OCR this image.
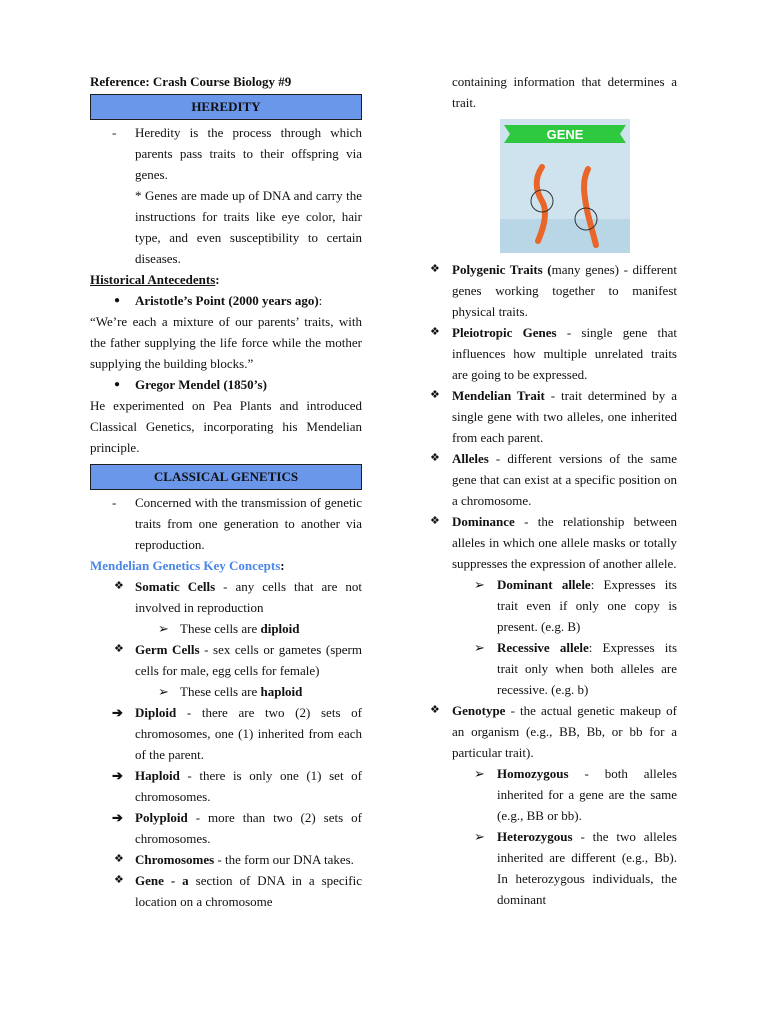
Reference: Crash Course Biology #9

HEREDITY
- Heredity is the process through which parents pass traits to their offspring via genes.

* Genes are made up of DNA and carry the instructions for traits like eye color, hair type, and even susceptibility to certain diseases.

Historical Antecedents:

● Aristotle’s Point (2000 years ago):

“We’re each a mixture of our parents’ traits, with the father supplying the life force while the mother supplying the building blocks.”

● Gregor Mendel (1850’s)

He experimented on Pea Plants and introduced Classical Genetics, incorporating his Mendelian principle.

CLASSICAL GENETICS
- Concerned with the transmission of genetic traits from one generation to another via reproduction.

Mendelian Genetics Key Concepts:

❖ Somatic Cells - any cells that are not involved in reproduction

➢ These cells are diploid

❖ Germ Cells - sex cells or gametes (sperm cells for male, egg cells for female)

➢ These cells are haploid

➔ Diploid - there are two (2) sets of chromosomes, one (1) inherited from each of the parent.

➔ Haploid - there is only one (1) set of chromosomes.

➔ Polyploid - more than two (2) sets of chromosomes.

❖ Chromosomes - the form our DNA takes.

❖ Gene - a section of DNA in a specific location on a chromosome

containing information that determines a trait.

GENE
❖ Polygenic Traits (many genes) - different genes working together to manifest physical traits.

❖ Pleiotropic Genes - single gene that influences how multiple unrelated traits are going to be expressed.

❖ Mendelian Trait - trait determined by a single gene with two alleles, one inherited from each parent.

❖ Alleles - different versions of the same gene that can exist at a specific position on a chromosome.

❖ Dominance - the relationship between alleles in which one allele masks or totally suppresses the expression of another allele.

➢ Dominant allele: Expresses its trait even if only one copy is present. (e.g. B)

➢ Recessive allele: Expresses its trait only when both alleles are recessive. (e.g. b)

❖ Genotype - the actual genetic makeup of an organism (e.g., BB, Bb, or bb for a particular trait).

➢ Homozygous - both alleles inherited for a gene are the same (e.g., BB or bb).

➢ Heterozygous - the two alleles inherited are different (e.g., Bb). In heterozygous individuals, the dominant
